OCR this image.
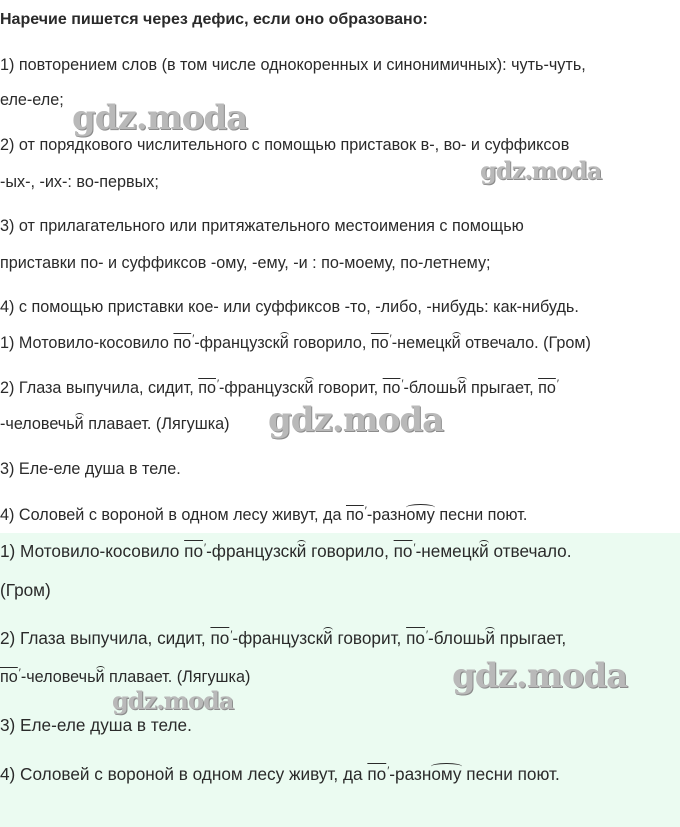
Наречие пишется через дефис, если оно образовано:
1) повторением слов (в том числе однокоренных и синонимичных): чуть-чуть,
еле-еле;
2) от порядкового числительного с помощью приставок в-, во- и суффиксов
-ых-, -их-: во-первых;
3) от прилагательного или притяжательного местоимения с помощью
приставки по- и суффиксов -ому, -ему, -и : по-моему, по-летнему;
4) с помощью приставки кое- или суффиксов -то, -либо, -нибудь: как-нибудь.
1) Мотовило-косовило по′-французскй говорило, по′-немецкй отвечало. (Гром)
2) Глаза выпучила, сидит, по′-французскй говорит, по′-блошьй прыгает, по′
-человечьй плавает. (Лягушка)
3) Еле-еле душа в теле.
4) Соловей с вороной в одном лесу живут, да по′-разному песни поют.
1) Мотовило-косовило по′-французскй говорило, по′-немецкй отвечало.
(Гром)
2) Глаза выпучила, сидит, по′-французскй говорит, по′-блошьй прыгает,
по′-человечьй плавает. (Лягушка)
3) Еле-еле душа в теле.
4) Соловей с вороной в одном лесу живут, да по′-разному песни поют.
gdz.moda
gdz.moda
gdz.moda
gdz.moda
gdz.moda
